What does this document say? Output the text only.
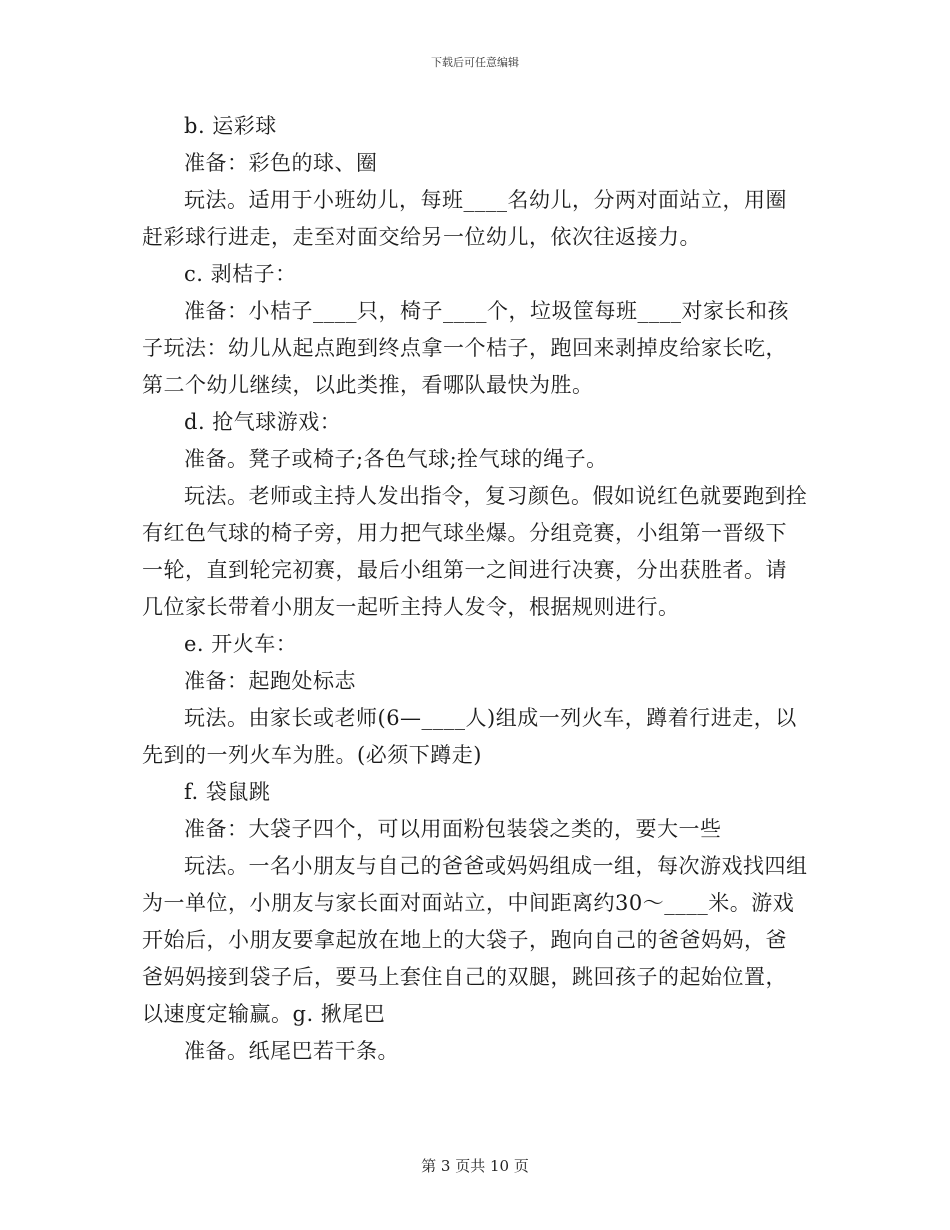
下载后可任意编辑

b. 运彩球

准备：彩色的球、圈

玩法。适用于小班幼儿，每班____名幼儿，分两对面站立，用圈赶彩球行进走，走至对面交给另一位幼儿，依次往返接力。

c. 剥桔子：

准备：小桔子____只，椅子____个，垃圾筐每班____对家长和孩子玩法：幼儿从起点跑到终点拿一个桔子，跑回来剥掉皮给家长吃，第二个幼儿继续，以此类推，看哪队最快为胜。

d. 抢气球游戏：

准备。凳子或椅子;各色气球;拴气球的绳子。

玩法。老师或主持人发出指令，复习颜色。假如说红色就要跑到拴有红色气球的椅子旁，用力把气球坐爆。分组竞赛，小组第一晋级下一轮，直到轮完初赛，最后小组第一之间进行决赛，分出获胜者。请几位家长带着小朋友一起听主持人发令，根据规则进行。

e. 开火车：

准备：起跑处标志

玩法。由家长或老师(6—____人)组成一列火车，蹲着行进走，以先到的一列火车为胜。(必须下蹲走)

f. 袋鼠跳

准备：大袋子四个，可以用面粉包装袋之类的，要大一些

玩法。一名小朋友与自己的爸爸或妈妈组成一组，每次游戏找四组为一单位，小朋友与家长面对面站立，中间距离约30～____米。游戏开始后，小朋友要拿起放在地上的大袋子，跑向自己的爸爸妈妈，爸爸妈妈接到袋子后，要马上套住自己的双腿，跳回孩子的起始位置，以速度定输赢。g. 揪尾巴

准备。纸尾巴若干条。

第 3 页共 10 页
